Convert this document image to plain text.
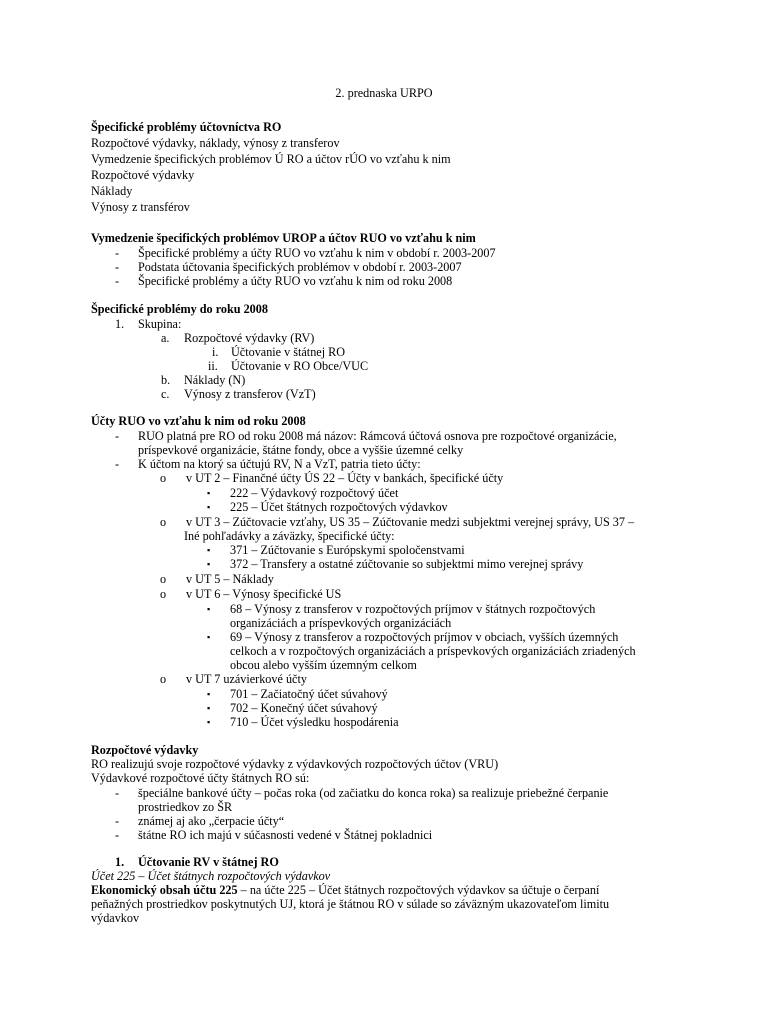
2. prednaska URPO
Špecifické problémy účtovníctva RO
Rozpočtové výdavky, náklady, výnosy z transferov
Vymedzenie špecifických problémov Ú RO a účtov rÚO vo vzťahu k nim
Rozpočtové výdavky
Náklady
Výnosy z transférov
Vymedzenie špecifických problémov UROP a účtov RUO vo vzťahu k nim
- Špecifické problémy a účty RUO vo vzťahu k nim v období r. 2003-2007
- Podstata účtovania špecifických problémov v období r. 2003-2007
- Špecifické problémy a účty RUO vo vzťahu k nim od roku 2008
Špecifické problémy do roku 2008
1. Skupina:
a. Rozpočtové výdavky (RV)
i. Účtovanie v štátnej RO
ii. Účtovanie v RO Obce/VUC
b. Náklady (N)
c. Výnosy z transferov (VzT)
Účty RUO vo vzťahu k nim od roku 2008
- RUO platná pre RO od roku 2008 má názov: Rámcová účtová osnova pre rozpočtové organizácie,
príspevkové organizácie, štátne fondy, obce a vyššie územné celky
- K účtom na ktorý sa účtujú RV, N a VzT, patria tieto účty:
o v UT 2 – Finančné účty ÚS 22 – Účty v bankách, špecifické účty
▪ 222 – Výdavkový rozpočtový účet
▪ 225 – Účet štátnych rozpočtových výdavkov
o v UT 3 – Zúčtovacie vzťahy, US 35 – Zúčtovanie medzi subjektmi verejnej správy, US 37 –
Iné pohľadávky a záväzky, špecifické účty:
▪ 371 – Zúčtovanie s Európskymi spoločenstvami
▪ 372 – Transfery a ostatné zúčtovanie so subjektmi mimo verejnej správy
o v UT 5 – Náklady
o v UT 6 – Výnosy špecifické US
▪ 68 – Výnosy z transferov v rozpočtových príjmov v štátnych rozpočtových
organizáciách a príspevkových organizáciách
▪ 69 – Výnosy z transferov a rozpočtových príjmov v obciach, vyšších územných
celkoch a v rozpočtových organizáciách a príspevkových organizáciách zriadených
obcou alebo vyšším územným celkom
o v UT 7 uzávierkové účty
▪ 701 – Začiatočný účet súvahový
▪ 702 – Konečný účet súvahový
▪ 710 – Účet výsledku hospodárenia
Rozpočtové výdavky
RO realizujú svoje rozpočtové výdavky z výdavkových rozpočtových účtov (VRU)
Výdavkové rozpočtové účty štátnych RO sú:
- špeciálne bankové účty – počas roka (od začiatku do konca roka) sa realizuje priebežné čerpanie
prostriedkov zo ŠR
- známej aj ako „čerpacie účty“
- štátne RO ich majú v súčasnosti vedené v Štátnej pokladnici
1. Účtovanie RV v štátnej RO
Účet 225 – Účet štátnych rozpočtových výdavkov
Ekonomický obsah účtu 225 – na účte 225 – Účet štátnych rozpočtových výdavkov sa účtuje o čerpaní
peňažných prostriedkov poskytnutých UJ, ktorá je štátnou RO v súlade so záväzným ukazovateľom limitu
výdavkov
